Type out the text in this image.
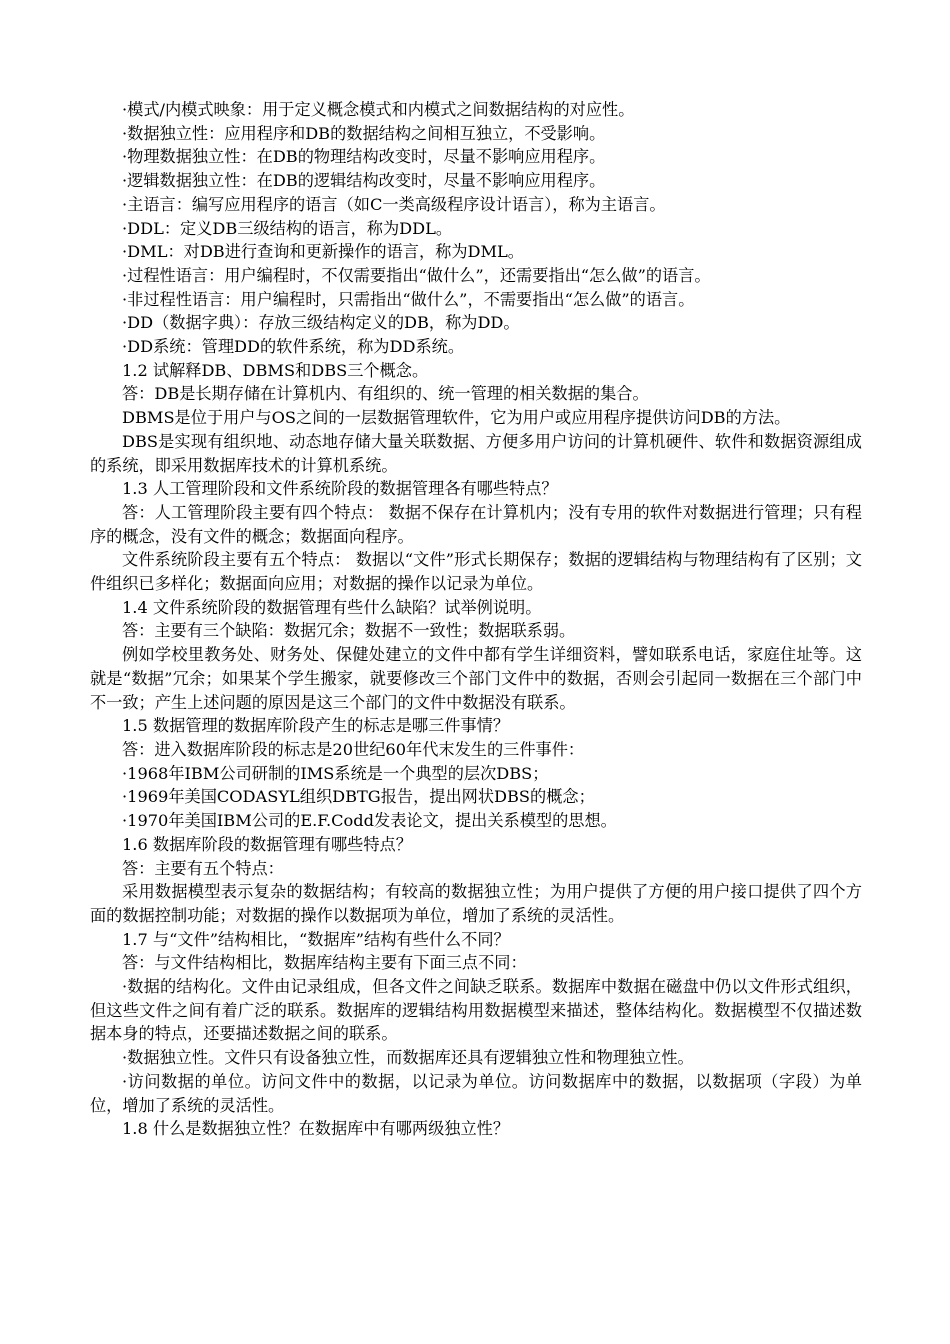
·模式/内模式映象：用于定义概念模式和内模式之间数据结构的对应性。

·数据独立性：应用程序和DB的数据结构之间相互独立，不受影响。

·物理数据独立性：在DB的物理结构改变时，尽量不影响应用程序。

·逻辑数据独立性：在DB的逻辑结构改变时，尽量不影响应用程序。

·主语言：编写应用程序的语言（如C一类高级程序设计语言），称为主语言。

·DDL：定义DB三级结构的语言，称为DDL。

·DML：对DB进行查询和更新操作的语言，称为DML。

·过程性语言：用户编程时，不仅需要指出“做什么”，还需要指出“怎么做”的语言。

·非过程性语言：用户编程时，只需指出“做什么”，不需要指出“怎么做”的语言。

·DD（数据字典）：存放三级结构定义的DB，称为DD。

·DD系统：管理DD的软件系统，称为DD系统。

1.2 试解释DB、DBMS和DBS三个概念。

答：DB是长期存储在计算机内、有组织的、统一管理的相关数据的集合。

DBMS是位于用户与OS之间的一层数据管理软件，它为用户或应用程序提供访问DB的方法。

DBS是实现有组织地、动态地存储大量关联数据、方便多用户访问的计算机硬件、软件和数据资源组成的系统，即采用数据库技术的计算机系统。

1.3 人工管理阶段和文件系统阶段的数据管理各有哪些特点？

答：人工管理阶段主要有四个特点： 数据不保存在计算机内；没有专用的软件对数据进行管理；只有程序的概念，没有文件的概念；数据面向程序。

文件系统阶段主要有五个特点： 数据以“文件”形式长期保存；数据的逻辑结构与物理结构有了区别；文件组织已多样化；数据面向应用；对数据的操作以记录为单位。

1.4 文件系统阶段的数据管理有些什么缺陷？试举例说明。

答：主要有三个缺陷：数据冗余；数据不一致性；数据联系弱。

例如学校里教务处、财务处、保健处建立的文件中都有学生详细资料，譬如联系电话，家庭住址等。这就是“数据”冗余；如果某个学生搬家，就要修改三个部门文件中的数据，否则会引起同一数据在三个部门中不一致；产生上述问题的原因是这三个部门的文件中数据没有联系。

1.5 数据管理的数据库阶段产生的标志是哪三件事情？

答：进入数据库阶段的标志是20世纪60年代末发生的三件事件：

·1968年IBM公司研制的IMS系统是一个典型的层次DBS；

·1969年美国CODASYL组织DBTG报告，提出网状DBS的概念；

·1970年美国IBM公司的E.F.Codd发表论文，提出关系模型的思想。

1.6 数据库阶段的数据管理有哪些特点？

答：主要有五个特点：

采用数据模型表示复杂的数据结构；有较高的数据独立性；为用户提供了方便的用户接口提供了四个方面的数据控制功能；对数据的操作以数据项为单位，增加了系统的灵活性。

1.7 与“文件”结构相比，“数据库”结构有些什么不同？

答：与文件结构相比，数据库结构主要有下面三点不同：

·数据的结构化。文件由记录组成，但各文件之间缺乏联系。数据库中数据在磁盘中仍以文件形式组织，但这些文件之间有着广泛的联系。数据库的逻辑结构用数据模型来描述，整体结构化。数据模型不仅描述数据本身的特点，还要描述数据之间的联系。

·数据独立性。文件只有设备独立性，而数据库还具有逻辑独立性和物理独立性。

·访问数据的单位。访问文件中的数据，以记录为单位。访问数据库中的数据，以数据项（字段）为单位，增加了系统的灵活性。

1.8 什么是数据独立性？在数据库中有哪两级独立性？
